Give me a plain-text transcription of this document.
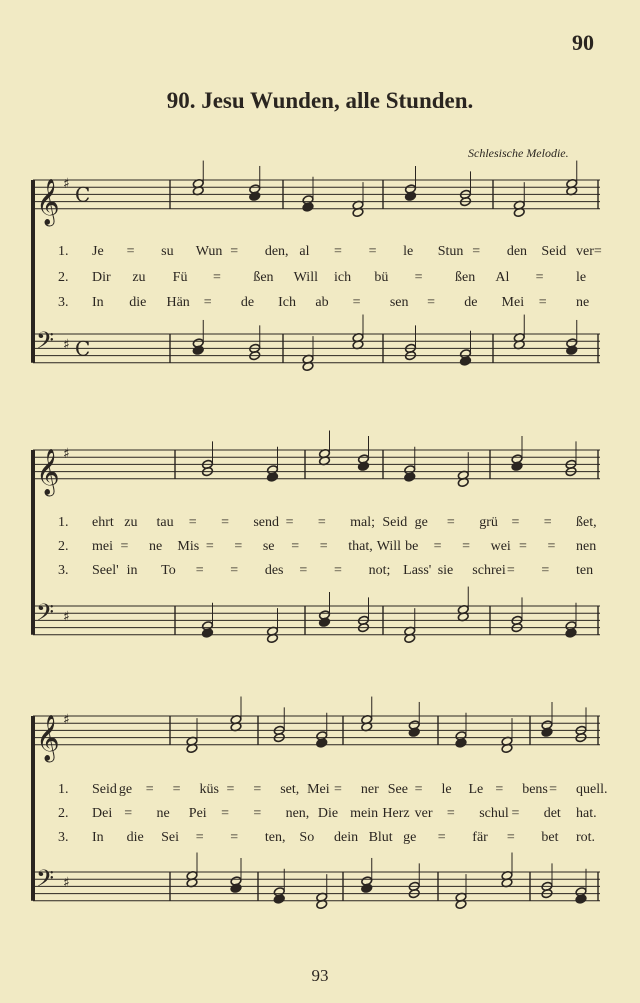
90
90. Jesu Wunden, alle Stunden.
Schlesische Melodie.
𝄞 ♯ C
𝄢 ♯ C
1. Je = su Wun = den, al = = le Stun = den Seid ver=
2. Dir zu Fü = ßen Will ich bü = ßen Al = le
3. In die Hän = de Ich ab = sen = de Mei = ne
𝄞 ♯
𝄢 ♯
1. ehrt zu tau = = send = = mal; Seid ge = grü = = ßet,
2. mei = ne Mis = = se = = that, Will be = = wei = = nen
3. Seel' in To = = des = = not; Lass' sie schrei = = ten
𝄞 ♯
𝄢 ♯
1. Seid ge = = küs = = set, Mei = ner See = le Le = bens = quell.
2. Dei = ne Pei = = nen, Die mein Herz ver = schul = det hat.
3. In die Sei = = ten, So dein Blut ge = fär = bet rot.
93
